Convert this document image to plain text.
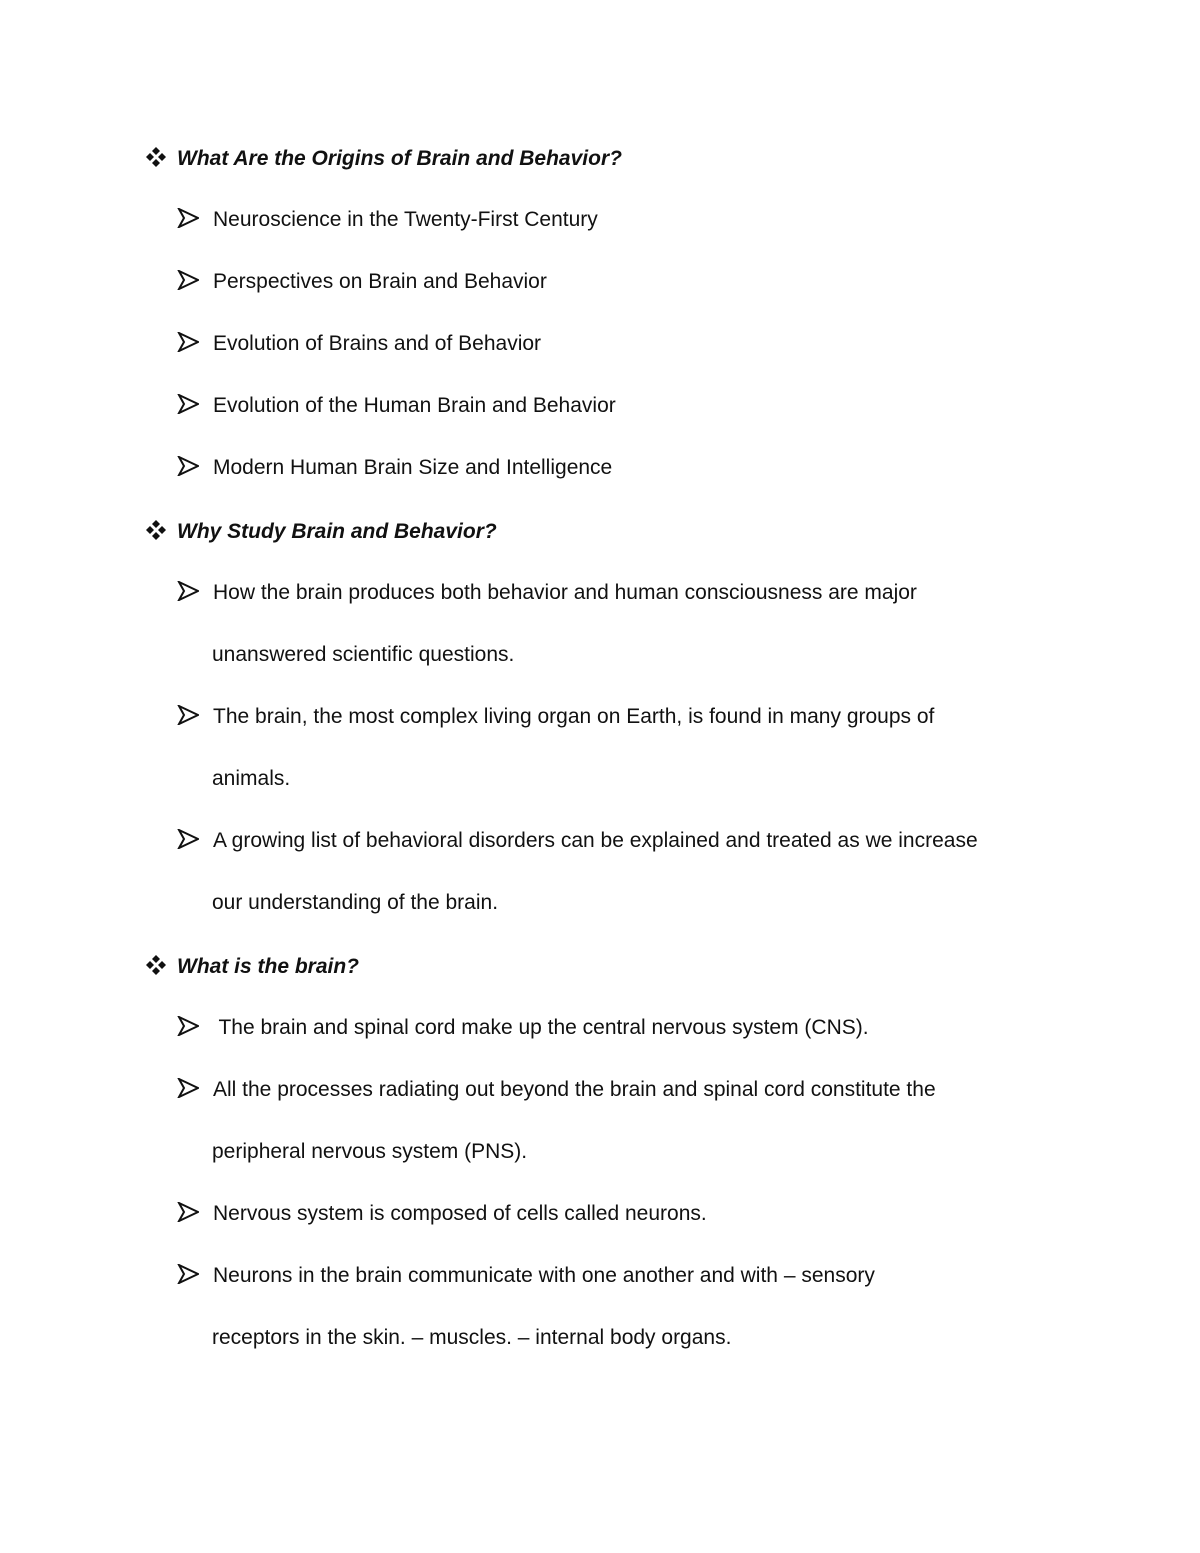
What Are the Origins of Brain and Behavior?
Neuroscience in the Twenty-First Century
Perspectives on Brain and Behavior
Evolution of Brains and of Behavior
Evolution of the Human Brain and Behavior
Modern Human Brain Size and Intelligence
Why Study Brain and Behavior?
How the brain produces both behavior and human consciousness are major
unanswered scientific questions.
The brain, the most complex living organ on Earth, is found in many groups of
animals.
A growing list of behavioral disorders can be explained and treated as we increase
our understanding of the brain.
What is the brain?
The brain and spinal cord make up the central nervous system (CNS).
All the processes radiating out beyond the brain and spinal cord constitute the
peripheral nervous system (PNS).
Nervous system is composed of cells called neurons.
Neurons in the brain communicate with one another and with – sensory
receptors in the skin. – muscles. – internal body organs.
